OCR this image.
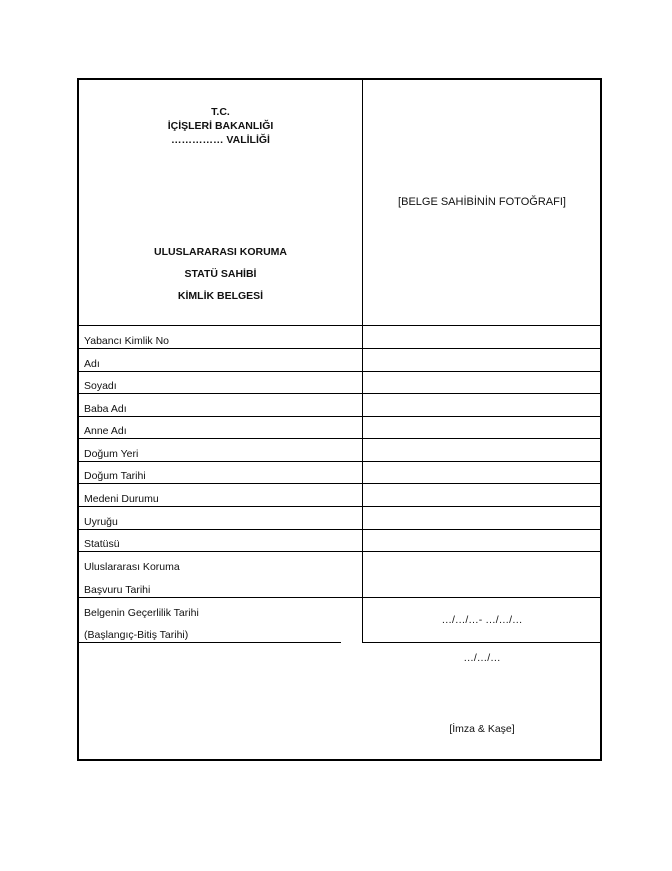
T.C.
İÇİŞLERİ BAKANLIĞI
…………… VALİLİĞİ
ULUSLARARASI KORUMA
STATÜ SAHİBİ
KİMLİK BELGESİ
[BELGE SAHİBİNİN FOTOĞRAFI]
Yabancı Kimlik No
Adı
Soyadı
Baba Adı
Anne Adı
Doğum Yeri
Doğum Tarihi
Medeni Durumu
Uyruğu
Statüsü
Uluslararası Koruma
Başvuru Tarihi
Belgenin Geçerlilik Tarihi
(Başlangıç-Bitiş Tarihi)
…/…/…- …/…/…
…/…/…
[İmza & Kaşe]
